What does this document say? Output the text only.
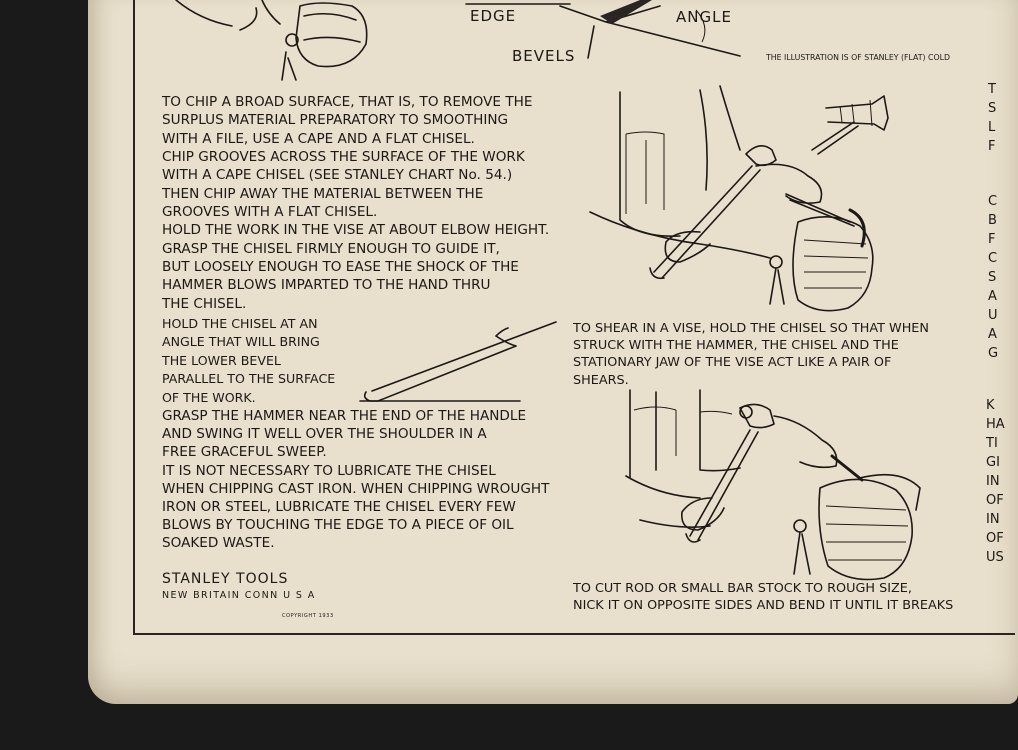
EDGE	ANGLE
BEVELS	THE ILLUSTRATION IS OF STANLEY (FLAT) COLD
TO CHIP A BROAD SURFACE, THAT IS, TO REMOVE THE
SURPLUS MATERIAL PREPARATORY TO SMOOTHING
WITH A FILE, USE A CAPE AND A FLAT CHISEL.
CHIP GROOVES ACROSS THE SURFACE OF THE WORK
WITH A CAPE CHISEL (SEE STANLEY CHART No. 54.)
THEN CHIP AWAY THE MATERIAL BETWEEN THE
GROOVES WITH A FLAT CHISEL.
HOLD THE WORK IN THE VISE AT ABOUT ELBOW HEIGHT.
GRASP THE CHISEL FIRMLY ENOUGH TO GUIDE IT,
BUT LOOSELY ENOUGH TO EASE THE SHOCK OF THE
HAMMER BLOWS IMPARTED TO THE HAND THRU
THE CHISEL.
HOLD THE CHISEL AT AN
ANGLE THAT WILL BRING
THE LOWER BEVEL
PARALLEL TO THE SURFACE
OF THE WORK.
GRASP THE HAMMER NEAR THE END OF THE HANDLE
AND SWING IT WELL OVER THE SHOULDER IN A
FREE GRACEFUL SWEEP.
IT IS NOT NECESSARY TO LUBRICATE THE CHISEL
WHEN CHIPPING CAST IRON. WHEN CHIPPING WROUGHT
IRON OR STEEL, LUBRICATE THE CHISEL EVERY FEW
BLOWS BY TOUCHING THE EDGE TO A PIECE OF OIL
SOAKED WASTE.
STANLEY TOOLS
NEW BRITAIN CONN U S A
COPYRIGHT 1933
TO SHEAR IN A VISE, HOLD THE CHISEL SO THAT WHEN
STRUCK WITH THE HAMMER, THE CHISEL AND THE
STATIONARY JAW OF THE VISE ACT LIKE A PAIR OF
SHEARS.
TO CUT ROD OR SMALL BAR STOCK TO ROUGH SIZE,
NICK IT ON OPPOSITE SIDES AND BEND IT UNTIL IT BREAKS
T
S
L
F
C
B
F
C
S
A
U
A
G
K
HA
TI
GI
IN
OF
IN
OF
US
